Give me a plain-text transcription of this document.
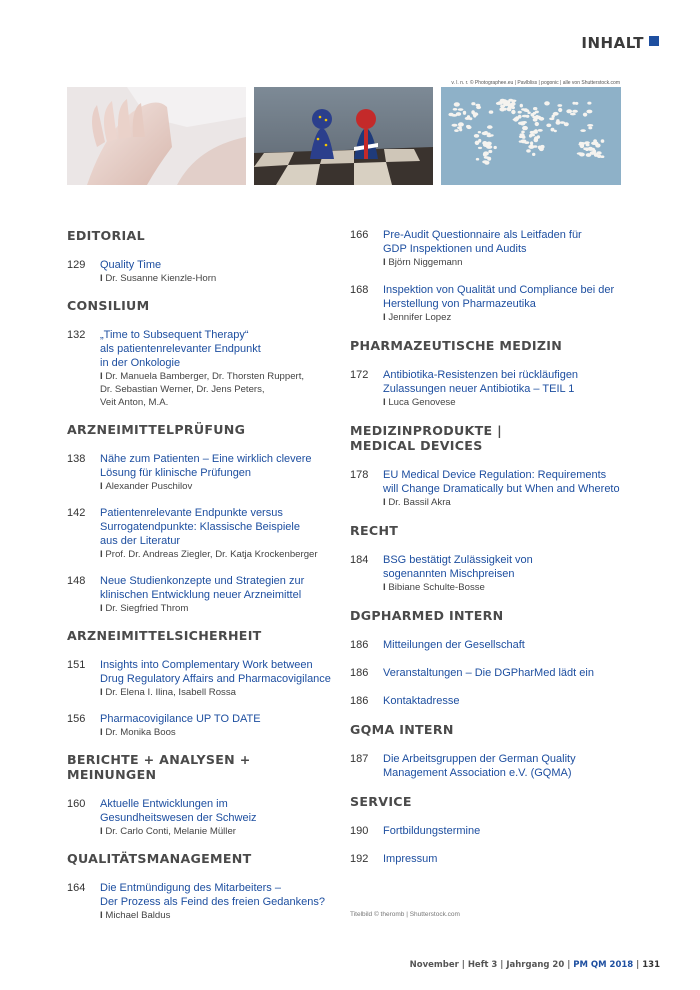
INHALT
v. l. n. r. © Photographee.eu | Pavlbliss | pogonic | alle von Shutterstock.com
EDITORIAL
129	Quality Time
I Dr. Susanne Kienzle-Horn
CONSILIUM
132	„Time to Subsequent Therapy“
als patientenrelevanter Endpunkt
in der Onkologie
I Dr. Manuela Bamberger, Dr. Thorsten Ruppert,
Dr. Sebastian Werner, Dr. Jens Peters,
Veit Anton, M.A.
ARZNEIMITTELPRÜFUNG
138	Nähe zum Patienten – Eine wirklich clevere
Lösung für klinische Prüfungen
I Alexander Puschilov
142	Patientenrelevante Endpunkte versus
Surrogatendpunkte: Klassische Beispiele
aus der Literatur
I Prof. Dr. Andreas Ziegler, Dr. Katja Krockenberger
148	Neue Studienkonzepte und Strategien zur
klinischen Entwicklung neuer Arzneimittel
I Dr. Siegfried Throm
ARZNEIMITTELSICHERHEIT
151	Insights into Complementary Work between
Drug Regulatory Affairs and Pharmacovigilance
I Dr. Elena I. Ilina, Isabell Rossa
156	Pharmacovigilance UP TO DATE
I Dr. Monika Boos
BERICHTE + ANALYSEN + MEINUNGEN
160	Aktuelle Entwicklungen im
Gesundheitswesen der Schweiz
I Dr. Carlo Conti, Melanie Müller
QUALITÄTSMANAGEMENT
164	Die Entmündigung des Mitarbeiters –
Der Prozess als Feind des freien Gedankens?
I Michael Baldus
166	Pre-Audit Questionnaire als Leitfaden für
GDP Inspektionen und Audits
I Björn Niggemann
168	Inspektion von Qualität und Compliance bei der
Herstellung von Pharmazeutika
I Jennifer Lopez
PHARMAZEUTISCHE MEDIZIN
172	Antibiotika-Resistenzen bei rückläufigen
Zulassungen neuer Antibiotika – TEIL 1
I Luca Genovese
MEDIZINPRODUKTE |
MEDICAL DEVICES
178	EU Medical Device Regulation: Requirements
will Change Dramatically but When and Whereto
I Dr. Bassil Akra
RECHT
184	BSG bestätigt Zulässigkeit von
sogenannten Mischpreisen
I Bibiane Schulte-Bosse
DGPHARMED INTERN
186	Mitteilungen der Gesellschaft
186	Veranstaltungen – Die DGPharMed lädt ein
186	Kontaktadresse
GQMA INTERN
187	Die Arbeitsgruppen der German Quality
Management Association e.V. (GQMA)
SERVICE
190	Fortbildungstermine
192	Impressum
Titelbild © theromb | Shutterstock.com
November | Heft 3 | Jahrgang 20 | PM QM 2018 | 131
